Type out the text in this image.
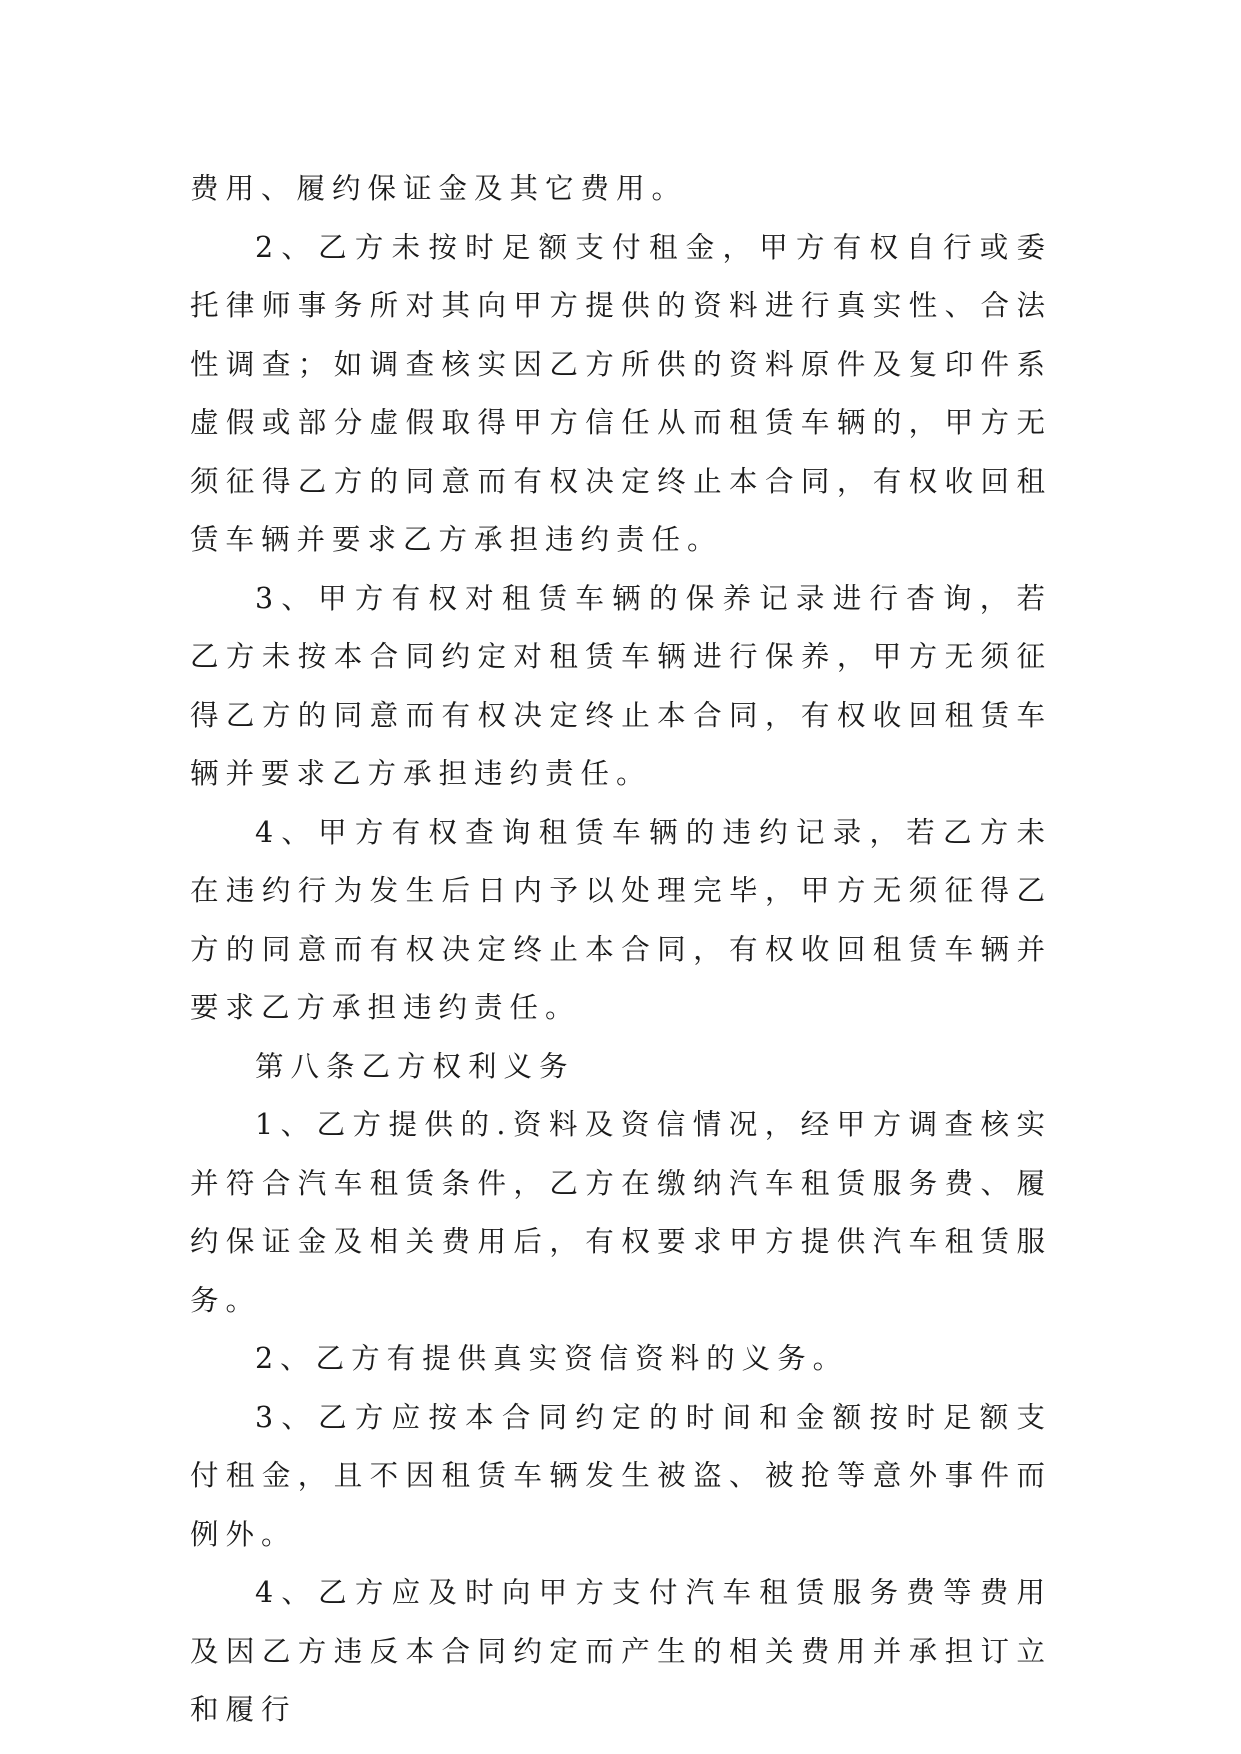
费用、履约保证金及其它费用。

2、乙方未按时足额支付租金，甲方有权自行或委托律师事务所对其向甲方提供的资料进行真实性、合法性调查；如调查核实因乙方所供的资料原件及复印件系虚假或部分虚假取得甲方信任从而租赁车辆的，甲方无须征得乙方的同意而有权决定终止本合同，有权收回租赁车辆并要求乙方承担违约责任。

3、甲方有权对租赁车辆的保养记录进行杳询，若乙方未按本合同约定对租赁车辆进行保养，甲方无须征得乙方的同意而有权决定终止本合同，有权收回租赁车辆并要求乙方承担违约责任。

4、甲方有权查询租赁车辆的违约记录，若乙方未在违约行为发生后日内予以处理完毕，甲方无须征得乙方的同意而有权决定终止本合同，有权收回租赁车辆并要求乙方承担违约责任。

第八条乙方权利义务

1、乙方提供的.资料及资信情况，经甲方调查核实并符合汽车租赁条件，乙方在缴纳汽车租赁服务费、履约保证金及相关费用后，有权要求甲方提供汽车租赁服务。

2、乙方有提供真实资信资料的义务。

3、乙方应按本合同约定的时间和金额按时足额支付租金，且不因租赁车辆发生被盗、被抢等意外事件而例外。

4、乙方应及时向甲方支付汽车租赁服务费等费用及因乙方违反本合同约定而产生的相关费用并承担订立和履行
